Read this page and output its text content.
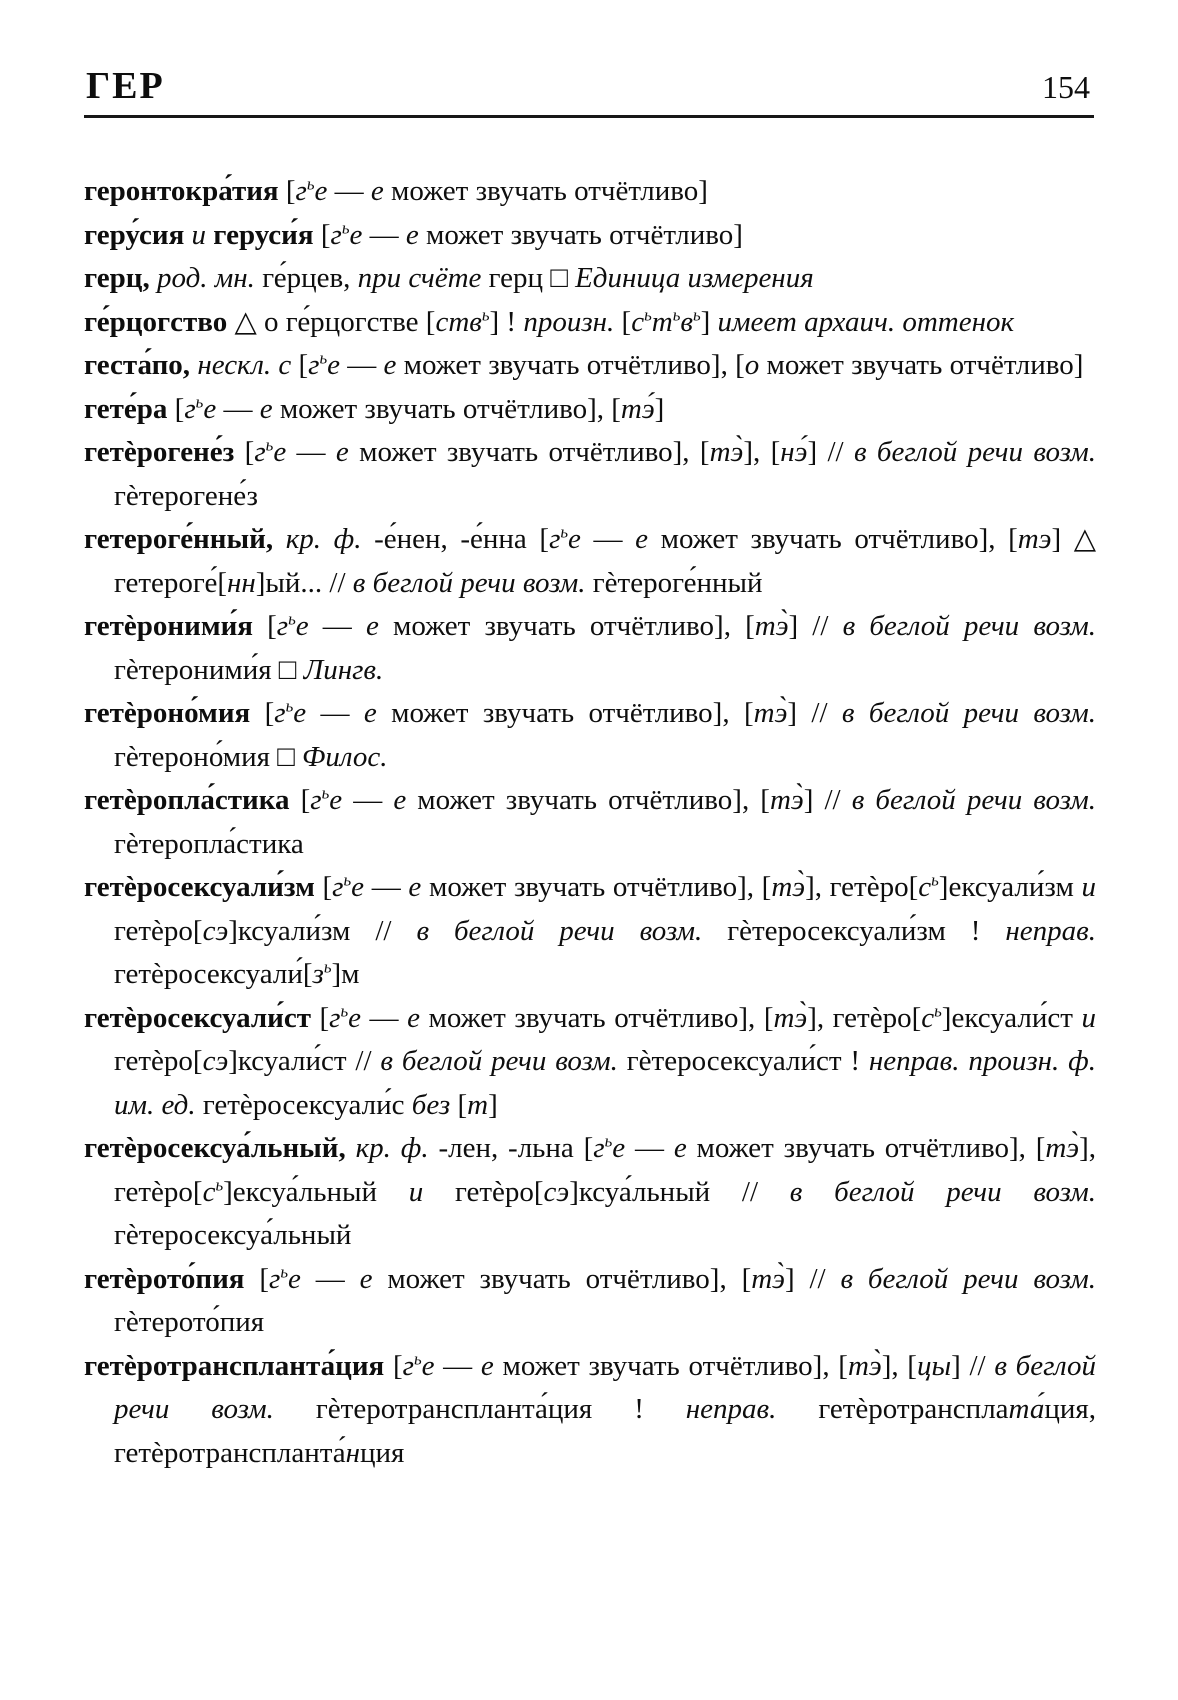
ГЕР	154

геронтокра́тия [$г^ье$ — е может звучать отчётливо]

геру́сия и геруси́я [$г^ье$ — е может звучать отчётливо]

герц, род. мн. ге́рцев, при счёте герц □ Единица измерения

ге́рцогство △ о ге́рцогстве [ств$^ь$] ! произн. $[с^ьт^ьв^ь]$ имеет архаич. оттенок

геста́по, нескл. с [$г^ье$ — е может звучать отчётливо], [о может звучать отчётливо]

гете́ра [$г^ье$ — е может звучать отчётливо], [тэ́]

гетѐрогене́з [$г^ье$ — е может звучать отчётливо], [тэ̀], [нэ́] // в беглой речи возм. гѐтерогене́з

гетероге́нный, кр. ф. -е́нен, -е́нна [$г^ье$ — е может звучать отчётливо], [тэ] △ гетероге́[нн]ый... // в беглой речи возм. гѐтероге́нный

гетѐроними́я [$г^ье$ — е может звучать отчётливо], [тэ̀] // в беглой речи возм. гѐтероними́я □ Лингв.

гетѐроно́мия [$г^ье$ — е может звучать отчётливо], [тэ̀] // в беглой речи возм. гѐтероно́мия □ Филос.

гетѐропла́стика [$г^ье$ — е может звучать отчётливо], [тэ̀] // в беглой речи возм. гѐтеропла́стика

гетѐросексуали́зм [$г^ье$ — е может звучать отчётливо], [тэ̀], $гетѐро[с^ь]ексуали́зм$ и гетѐро[сэ]ксуали́зм // в беглой речи возм. гѐтеросексуали́зм ! неправ. $гетѐросексуали́[з^ь]м$

гетѐросексуали́ст [$г^ье$ — е может звучать отчётливо], [тэ̀], $гетѐро[с^ь]ексуали́ст$ и гетѐро[сэ]ксуали́ст // в беглой речи возм. гѐтеросексуали́ст ! неправ. произн. ф. им. ед. гетѐросексуали́с без [т]

гетѐросексуа́льный, кр. ф. -лен, -льна [$г^ье$ — е может звучать отчётливо], [тэ̀], $гетѐро[с^ь]ексуа́льный$ и гетѐро[сэ]ксуа́льный // в беглой речи возм. гѐтеросексуа́льный

гетѐрото́пия [$г^ье$ — е может звучать отчётливо], [тэ̀] // в беглой речи возм. гѐтерото́пия

гетѐротранспланта́ция [$г^ье$ — е может звучать отчётливо], [тэ̀], [цы] // в беглой речи возм. гѐтеротранспланта́ция ! неправ. гетѐротрансплата́ция, гетѐротранспланта́нция
